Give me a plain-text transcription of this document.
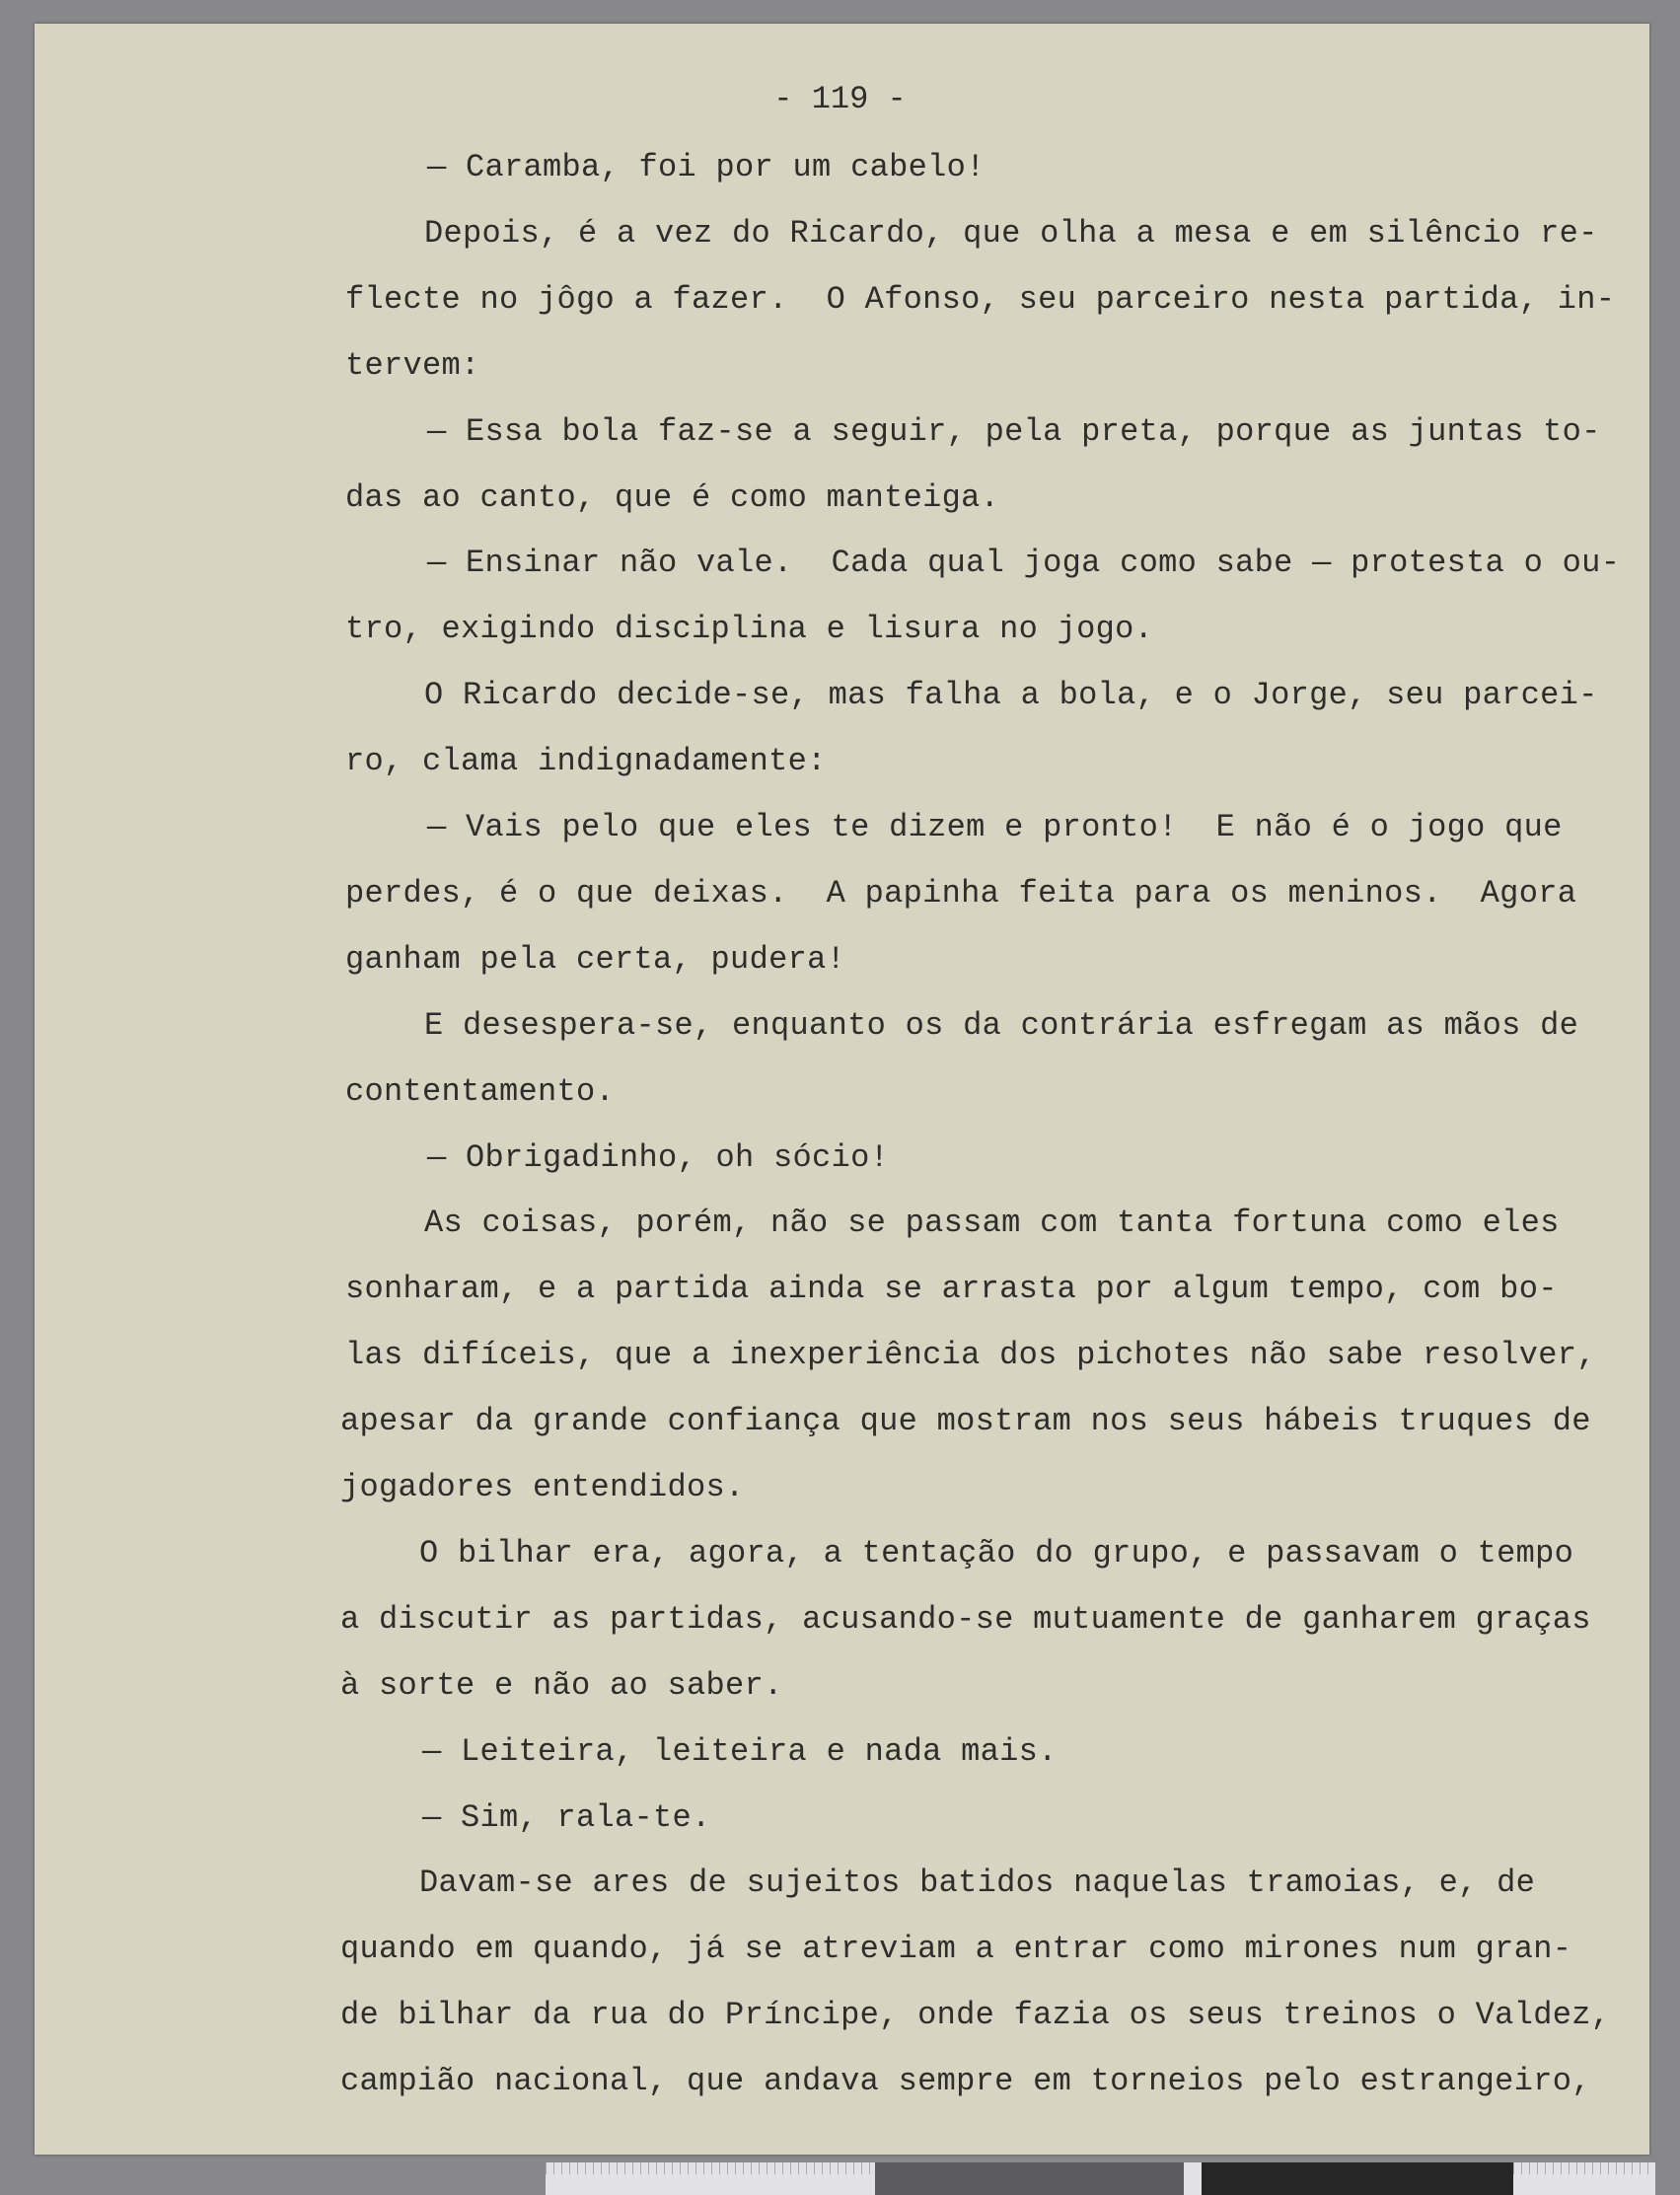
- 119 -
— Caramba, foi por um cabelo!
Depois, é a vez do Ricardo, que olha a mesa e em silêncio re-
flecte no jôgo a fazer.  O Afonso, seu parceiro nesta partida, in-
tervem:
— Essa bola faz-se a seguir, pela preta, porque as juntas to-
das ao canto, que é como manteiga.
— Ensinar não vale.  Cada qual joga como sabe — protesta o ou-
tro, exigindo disciplina e lisura no jogo.
O Ricardo decide-se, mas falha a bola, e o Jorge, seu parcei-
ro, clama indignadamente:
— Vais pelo que eles te dizem e pronto!  E não é o jogo que
perdes, é o que deixas.  A papinha feita para os meninos.  Agora
ganham pela certa, pudera!
E desespera-se, enquanto os da contrária esfregam as mãos de
contentamento.
— Obrigadinho, oh sócio!
As coisas, porém, não se passam com tanta fortuna como eles
sonharam, e a partida ainda se arrasta por algum tempo, com bo-
las difíceis, que a inexperiência dos pichotes não sabe resolver,
apesar da grande confiança que mostram nos seus hábeis truques de
jogadores entendidos.
O bilhar era, agora, a tentação do grupo, e passavam o tempo
a discutir as partidas, acusando-se mutuamente de ganharem graças
à sorte e não ao saber.
— Leiteira, leiteira e nada mais.
— Sim, rala-te.
Davam-se ares de sujeitos batidos naquelas tramoias, e, de
quando em quando, já se atreviam a entrar como mirones num gran-
de bilhar da rua do Príncipe, onde fazia os seus treinos o Valdez,
campião nacional, que andava sempre em torneios pelo estrangeiro,
